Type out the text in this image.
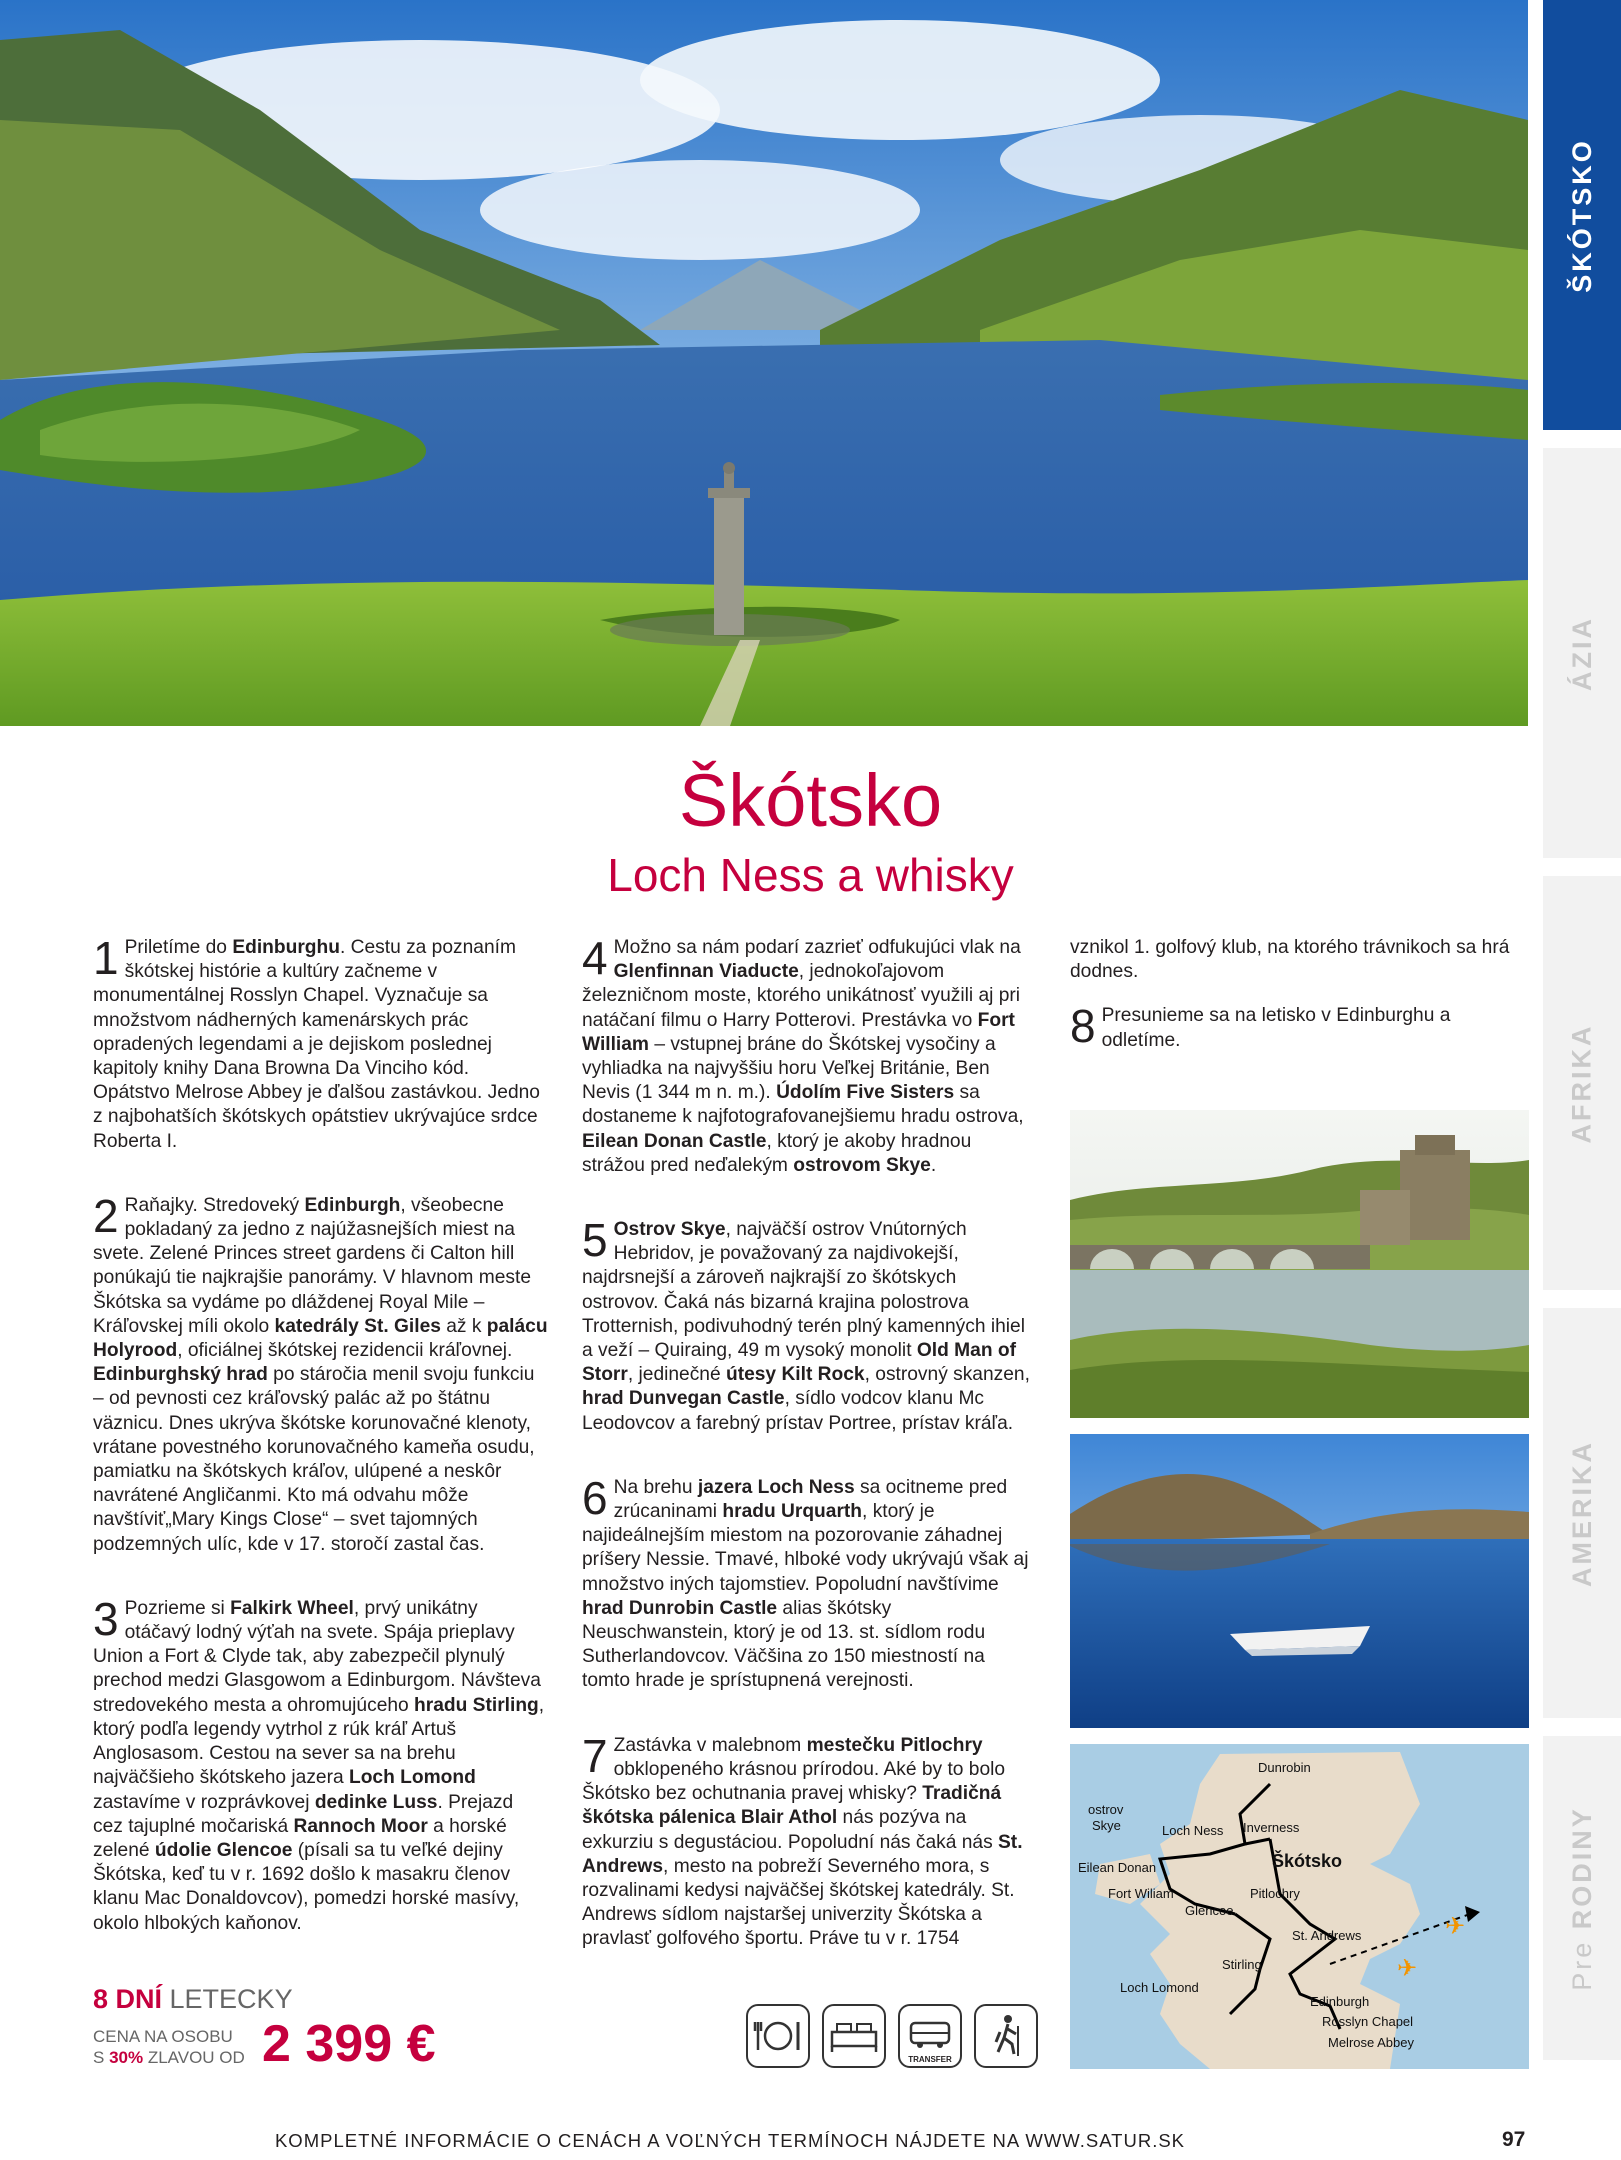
ŠKÓTSKO
ÁZIA
AFRIKA
AMERIKA
Pre RODINY
Škótsko
Loch Ness a whisky
1 Priletíme do Edinburghu. Cestu za poznaním škótskej histórie a kultúry začneme v monumentálnej Rosslyn Chapel. Vyznačuje sa množstvom nádherných kamenárskych prác opradených legendami a je dejiskom poslednej kapitoly knihy Dana Browna Da Vinciho kód. Opátstvo Melrose Abbey je ďalšou zastávkou. Jedno z najbohatších škótskych opátstiev ukrývajúce srdce Roberta I.
2 Raňajky. Stredoveký Edinburgh, všeobecne pokladaný za jedno z najúžasnejších miest na svete. Zelené Princes street gardens či Calton hill ponúkajú tie najkrajšie panorámy. V hlavnom meste Škótska sa vydáme po dláždenej Royal Mile – Kráľovskej míli okolo katedrály St. Giles až k palácu Holyrood, oficiálnej škótskej rezidencii kráľovnej. Edinburghský hrad po stáročia menil svoju funkciu – od pevnosti cez kráľovský palác až po štátnu väznicu. Dnes ukrýva škótske korunovačné klenoty, vrátane povestného korunovačného kameňa osudu, pamiatku na škótskych kráľov, ulúpené a neskôr navrátené Angličanmi. Kto má odvahu môže navštíviť„Mary Kings Close“ – svet tajomných podzemných ulíc, kde v 17. storočí zastal čas.
3 Pozrieme si Falkirk Wheel, prvý unikátny otáčavý lodný výťah na svete. Spája prieplavy Union a Fort & Clyde tak, aby zabezpečil plynulý prechod medzi Glasgowom a Edinburgom. Návšteva stredovekého mesta a ohromujúceho hradu Stirling, ktorý podľa legendy vytrhol z rúk kráľ Artuš Anglosasom. Cestou na sever sa na brehu najväčšieho škótskeho jazera Loch Lomond zastavíme v rozprávkovej dedinke Luss. Prejazd cez tajuplné močariská Rannoch Moor a horské zelené údolie Glencoe (písali sa tu veľké dejiny Škótska, keď tu v r. 1692 došlo k masakru členov klanu Mac Donaldovcov), pomedzi horské masívy, okolo hlbokých kaňonov.
4 Možno sa nám podarí zazrieť odfukujúci vlak na Glenfinnan Viaducte, jednokoľajovom železničnom moste, ktorého unikátnosť využili aj pri natáčaní filmu o Harry Potterovi. Prestávka vo Fort William – vstupnej bráne do Škótskej vysočiny a vyhliadka na najvyššiu horu Veľkej Británie, Ben Nevis (1 344 m n. m.). Údolím Five Sisters sa dostaneme k najfotografovanejšiemu hradu ostrova, Eilean Donan Castle, ktorý je akoby hradnou strážou pred neďalekým ostrovom Skye.
5 Ostrov Skye, najväčší ostrov Vnútorných Hebridov, je považovaný za najdivokejší, najdrsnejší a zároveň najkrajší zo škótskych ostrovov. Čaká nás bizarná krajina polostrova Trotternish, podivuhodný terén plný kamenných ihiel a veží – Quiraing, 49 m vysoký monolit Old Man of Storr, jedinečné útesy Kilt Rock, ostrovný skanzen, hrad Dunvegan Castle, sídlo vodcov klanu Mc Leodovcov a farebný prístav Portree, prístav kráľa.
6 Na brehu jazera Loch Ness sa ocitneme pred zrúcaninami hradu Urquarth, ktorý je najideálnejším miestom na pozorovanie záhadnej príšery Nessie. Tmavé, hlboké vody ukrývajú však aj množstvo iných tajomstiev. Popoludní navštívime hrad Dunrobin Castle alias škótsky Neuschwanstein, ktorý je od 13. st. sídlom rodu Sutherlandovcov. Väčšina zo 150 miestností na tomto hrade je sprístupnená verejnosti.
7 Zastávka v malebnom mestečku Pitlochry obklopeného krásnou prírodou. Aké by to bolo Škótsko bez ochutnania pravej whisky? Tradičná škótska pálenica Blair Athol nás pozýva na exkurziu s degustáciou. Popoludní nás čaká nás St. Andrews, mesto na pobreží Severného mora, s rozvalinami kedysi najväčšej škótskej katedrály. St. Andrews sídlom najstaršej univerzity Škótska a pravlasť golfového športu. Práve tu v r. 1754
vznikol 1. golfový klub, na ktorého trávnikoch sa hrá dodnes.
8 Presunieme sa na letisko v Edinburghu a odletíme.
✈
✈
Dunrobin
ostrov
Skye	Loch Ness Inverness
Eilean Donan
Fort Wiliam
Glencoe
Pitlochry
St. Andrews
Stirling
Loch Lomond
Edinburgh
Rosslyn Chapel
Melrose Abbey
Škótsko
8 DNÍ LETECKY
CENA NA OSOBU
S 30% ZLAVOU OD 2 399 €	TRANSFER
KOMPLETNÉ INFORMÁCIE O CENÁCH A VOĽNÝCH TERMÍNOCH NÁJDETE NA WWW.SATUR.SK	97
